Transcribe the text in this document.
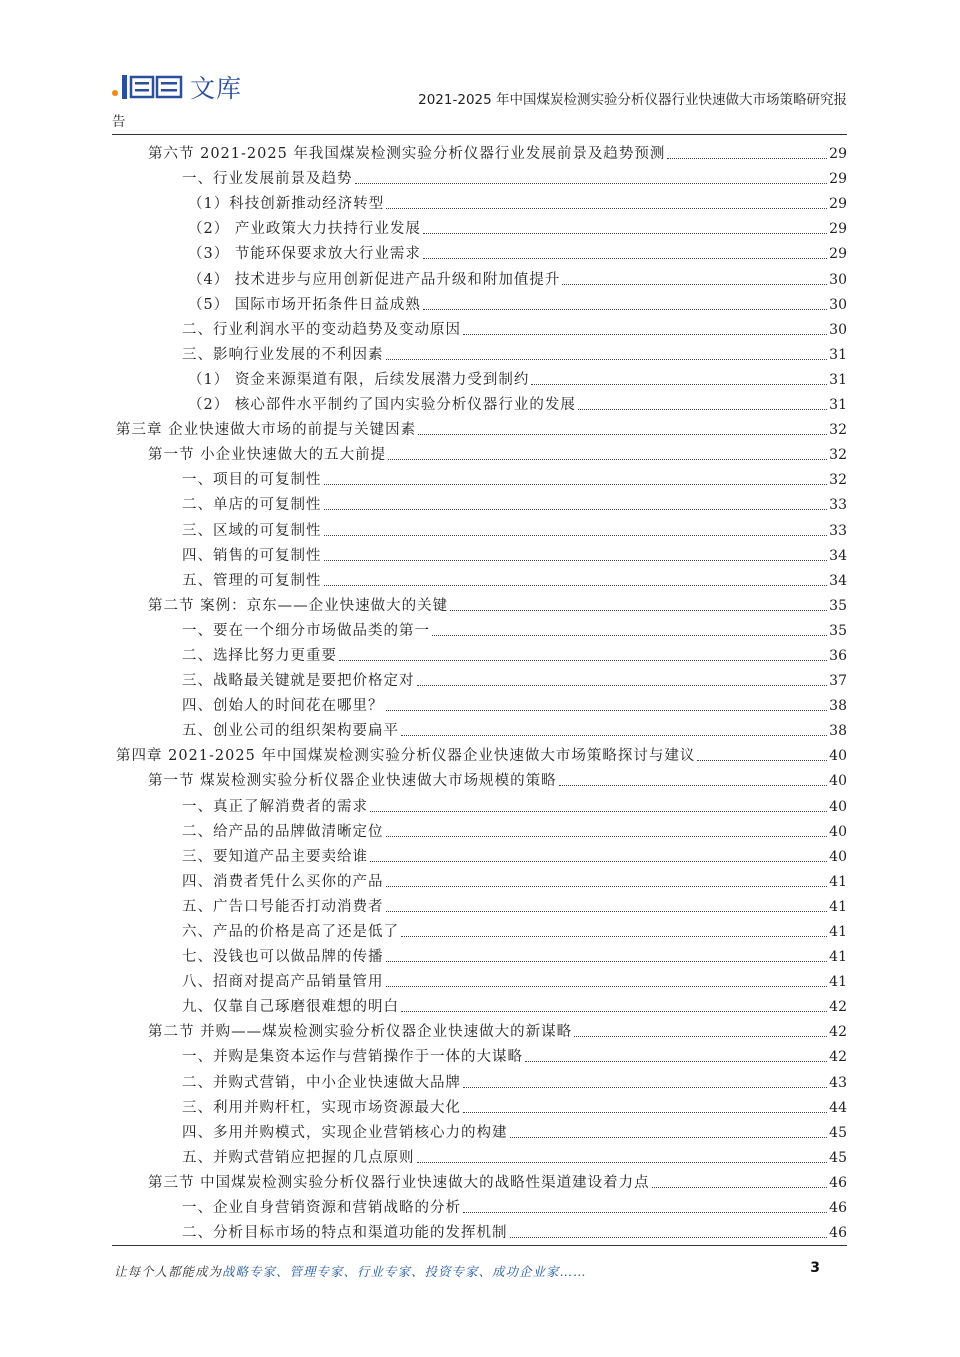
文库	2021-2025 年中国煤炭检测实验分析仪器行业快速做大市场策略研究报
告
第六节 2021-2025 年我国煤炭检测实验分析仪器行业发展前景及趋势预测	29
一、行业发展前景及趋势	29
（1）科技创新推动经济转型	29
（2） 产业政策大力扶持行业发展	29
（3） 节能环保要求放大行业需求	29
（4） 技术进步与应用创新促进产品升级和附加值提升	30
（5） 国际市场开拓条件日益成熟	30
二、行业利润水平的变动趋势及变动原因	30
三、影响行业发展的不利因素	31
（1） 资金来源渠道有限，后续发展潜力受到制约	31
（2） 核心部件水平制约了国内实验分析仪器行业的发展	31
第三章 企业快速做大市场的前提与关键因素	32
第一节 小企业快速做大的五大前提	32
一、项目的可复制性	32
二、单店的可复制性	33
三、区域的可复制性	33
四、销售的可复制性	34
五、管理的可复制性	34
第二节 案例：京东——企业快速做大的关键	35
一、要在一个细分市场做品类的第一	35
二、选择比努力更重要	36
三、战略最关键就是要把价格定对	37
四、创始人的时间花在哪里？	38
五、创业公司的组织架构要扁平	38
第四章 2021-2025 年中国煤炭检测实验分析仪器企业快速做大市场策略探讨与建议	40
第一节 煤炭检测实验分析仪器企业快速做大市场规模的策略	40
一、真正了解消费者的需求	40
二、给产品的品牌做清晰定位	40
三、要知道产品主要卖给谁	40
四、消费者凭什么买你的产品	41
五、广告口号能否打动消费者	41
六、产品的价格是高了还是低了	41
七、没钱也可以做品牌的传播	41
八、招商对提高产品销量管用	41
九、仅靠自己琢磨很难想的明白	42
第二节 并购——煤炭检测实验分析仪器企业快速做大的新谋略	42
一、并购是集资本运作与营销操作于一体的大谋略	42
二、并购式营销，中小企业快速做大品牌	43
三、利用并购杆杠，实现市场资源最大化	44
四、多用并购模式，实现企业营销核心力的构建	45
五、并购式营销应把握的几点原则	45
第三节 中国煤炭检测实验分析仪器行业快速做大的战略性渠道建设着力点	46
一、企业自身营销资源和营销战略的分析	46
二、分析目标市场的特点和渠道功能的发挥机制	46
让每个人都能成为战略专家、管理专家、行业专家、投资专家、成功企业家……	3
